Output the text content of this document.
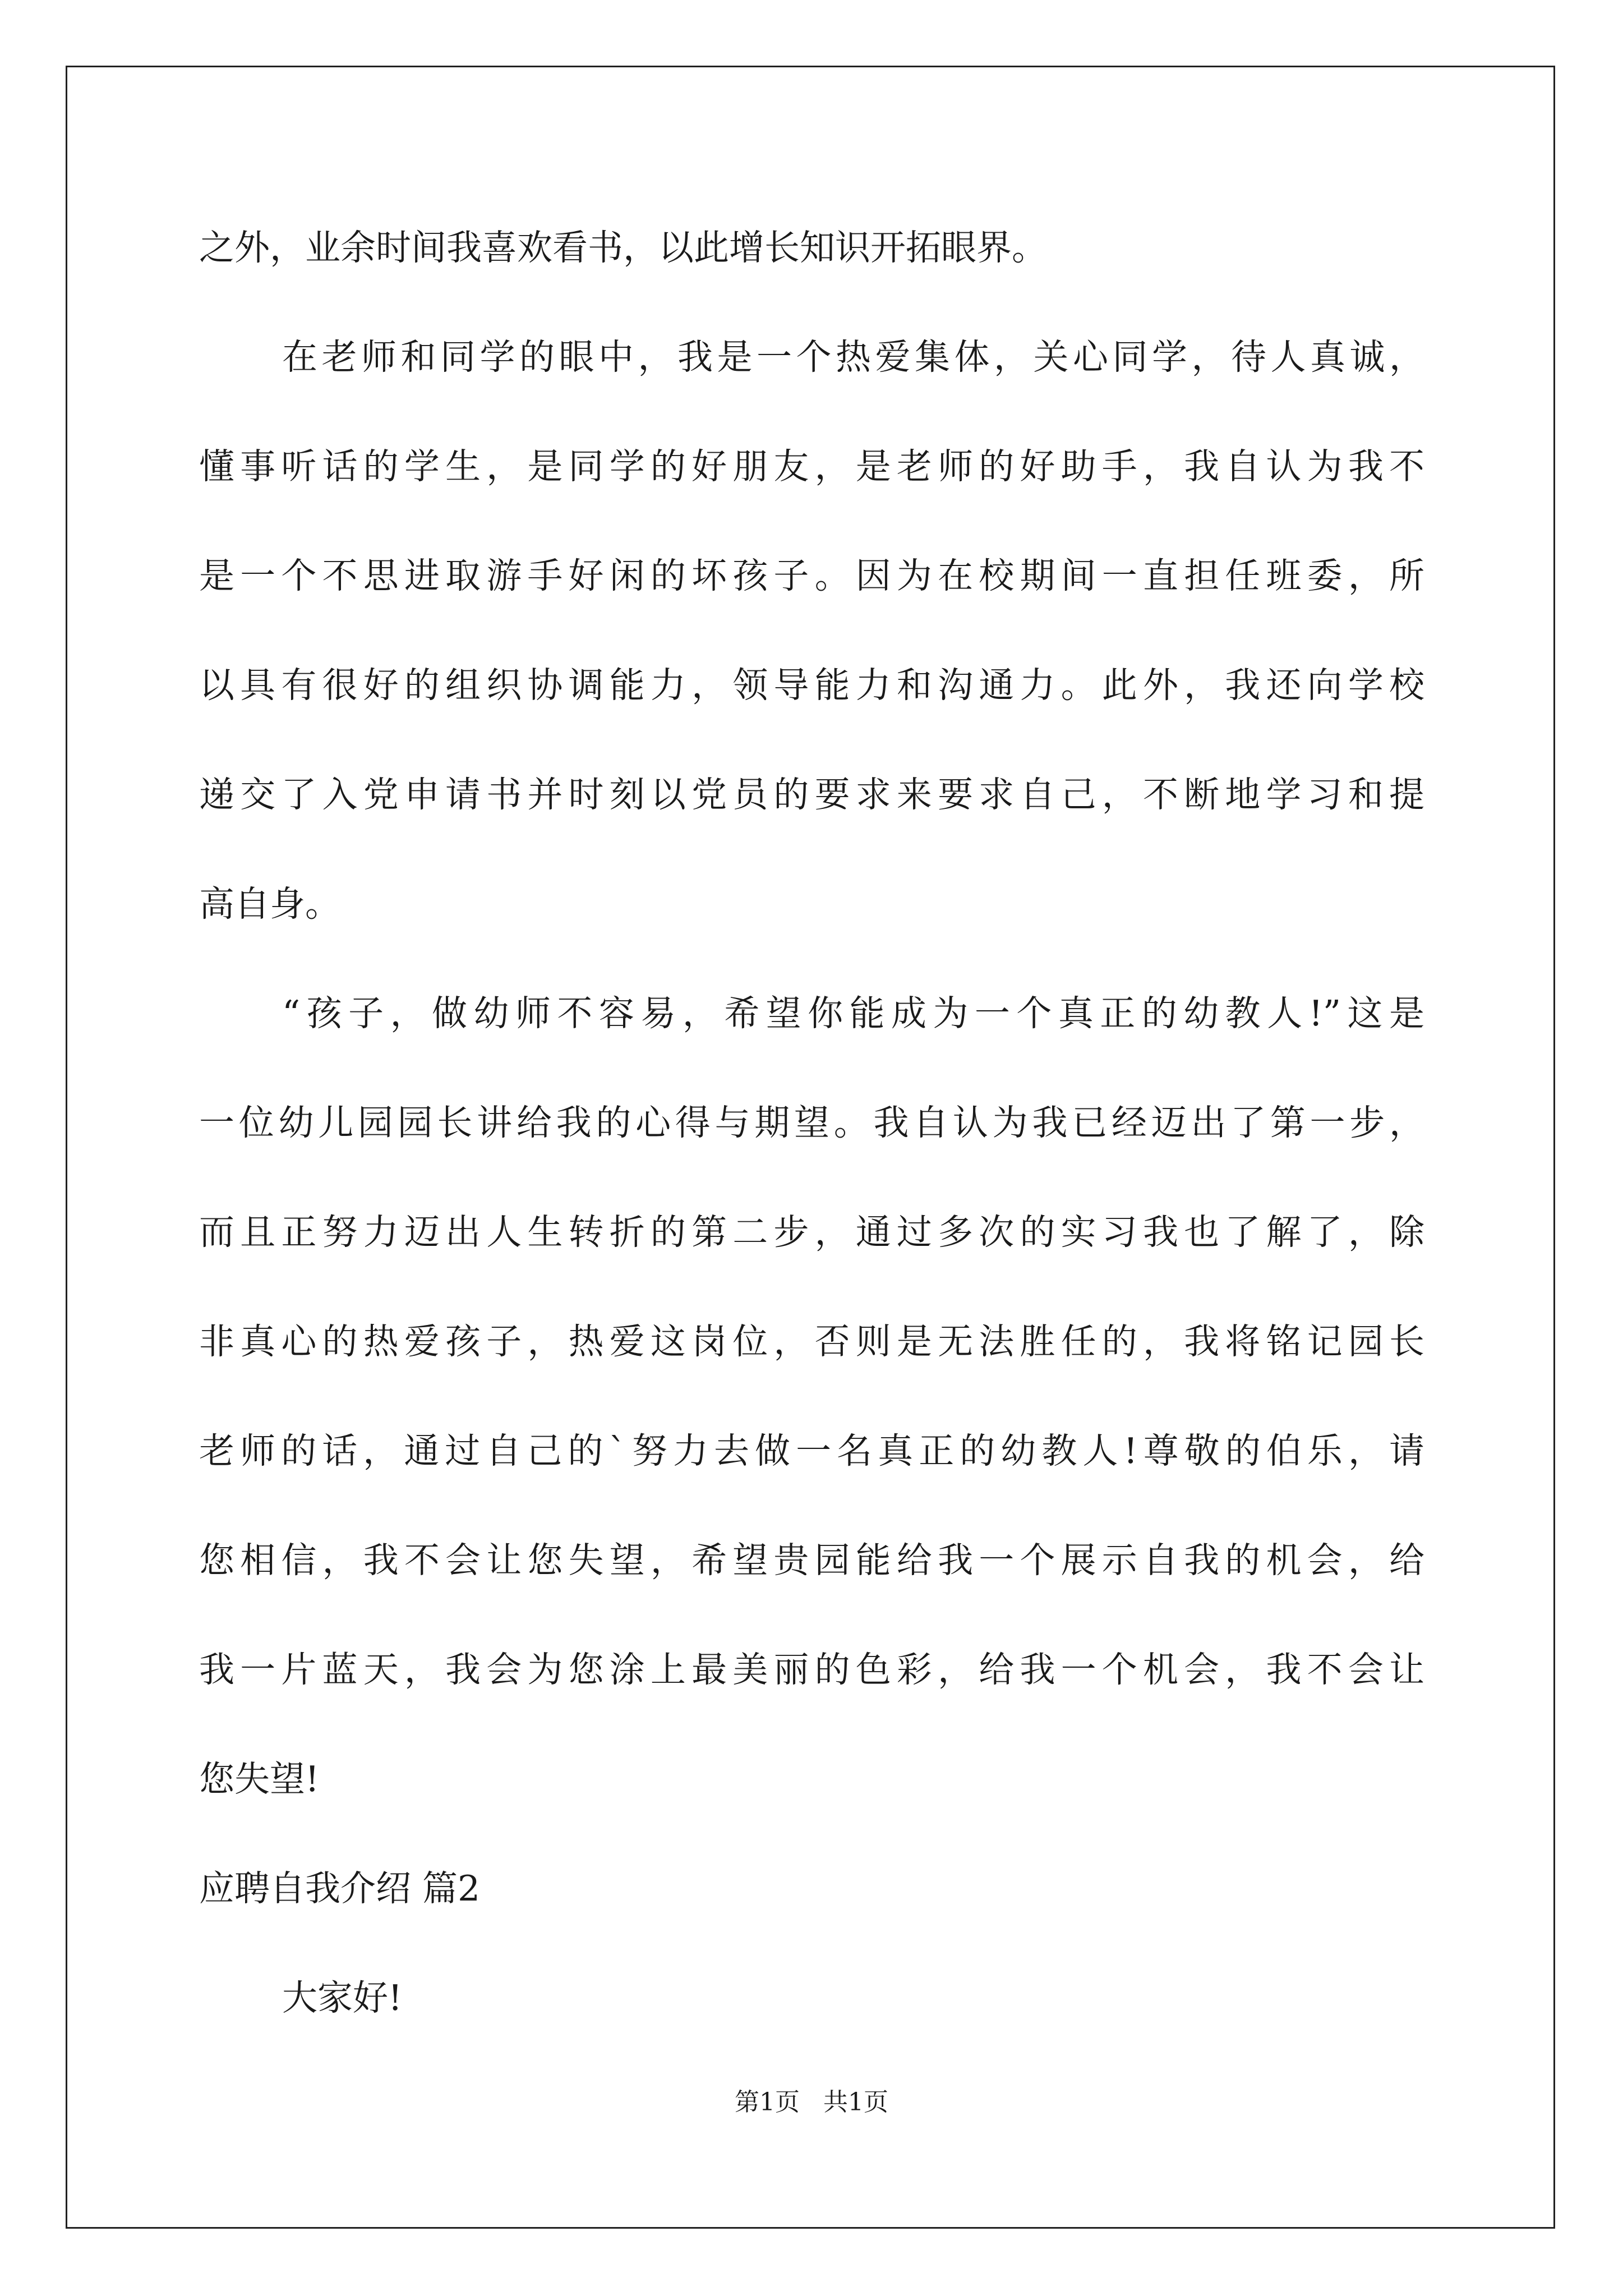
之外，业余时间我喜欢看书，以此增长知识开拓眼界。

在老师和同学的眼中，我是一个热爱集体，关心同学，待人真诚，

懂事听话的学生，是同学的好朋友，是老师的好助手，我自认为我不

是一个不思进取游手好闲的坏孩子。因为在校期间一直担任班委，所

以具有很好的组织协调能力，领导能力和沟通力。此外，我还向学校

递交了入党申请书并时刻以党员的要求来要求自己，不断地学习和提

高自身。

“孩子，做幼师不容易，希望你能成为一个真正的幼教人!”这是

一位幼儿园园长讲给我的心得与期望。我自认为我已经迈出了第一步，

而且正努力迈出人生转折的第二步，通过多次的实习我也了解了，除

非真心的热爱孩子，热爱这岗位，否则是无法胜任的，我将铭记园长

老师的话，通过自己的`努力去做一名真正的幼教人!尊敬的伯乐，请

您相信，我不会让您失望，希望贵园能给我一个展示自我的机会，给

我一片蓝天，我会为您涂上最美丽的色彩，给我一个机会，我不会让

您失望!

应聘自我介绍 篇2

大家好!

第1页   共1页
